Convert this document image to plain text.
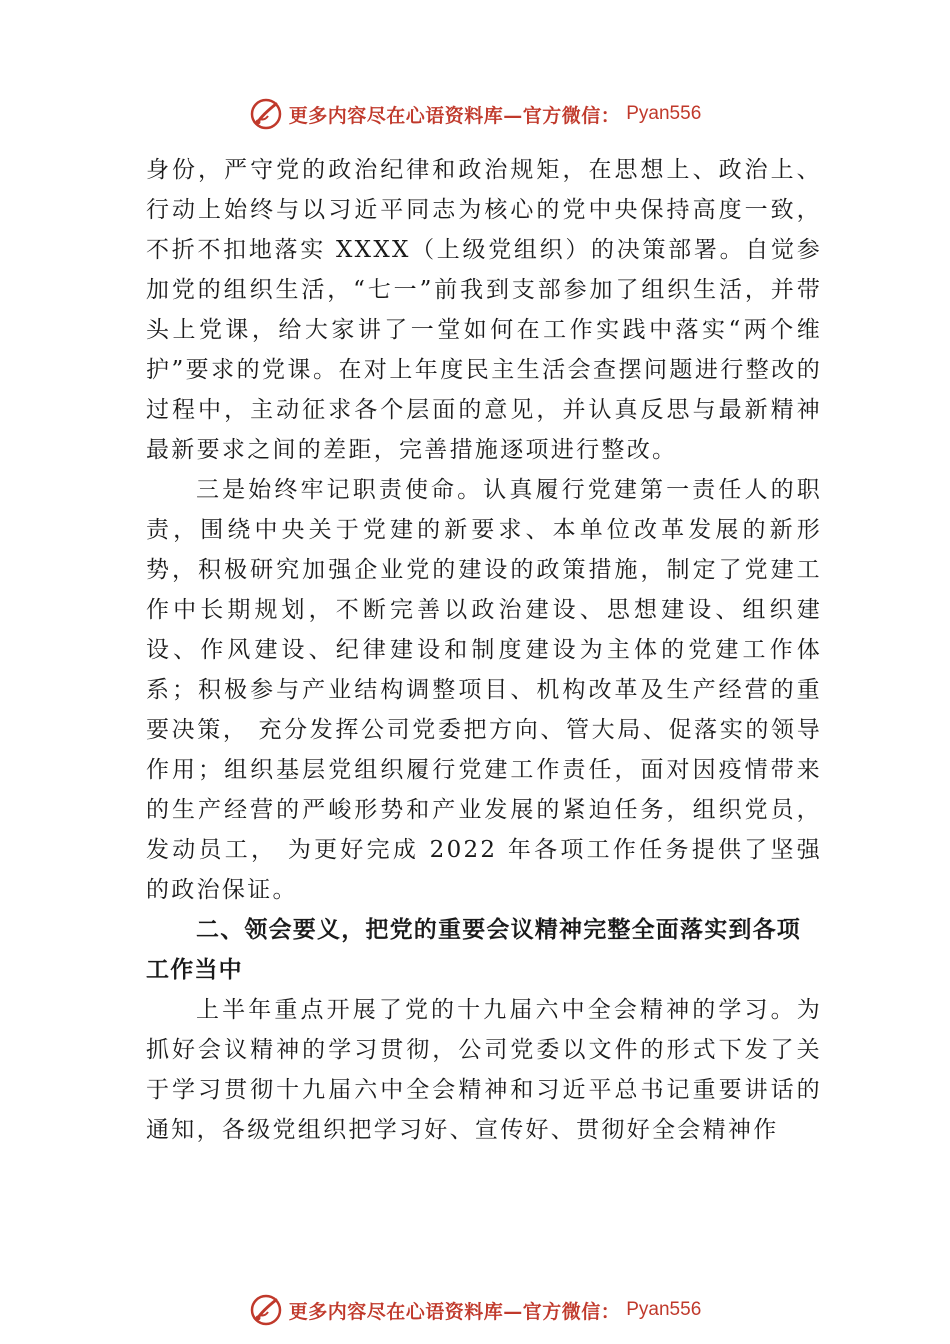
更多内容尽在心语资料库—官方微信： Pyan556

身份，严守党的政治纪律和政治规矩，在思想上、政治上、 行动上始终与以习近平同志为核心的党中央保持高度一致， 不折不扣地落实 XXXX（上级党组织）的决策部署。自觉参加党的组织生活，“七一”前我到支部参加了组织生活，并带头上党课，给大家讲了一堂如何在工作实践中落实“两个维护”要求的党课。在对上年度民主生活会查摆问题进行整改的过程中，主动征求各个层面的意见，并认真反思与最新精神最新要求之间的差距，完善措施逐项进行整改。

三是始终牢记职责使命。认真履行党建第一责任人的职责，围绕中央关于党建的新要求、本单位改革发展的新形势，积极研究加强企业党的建设的政策措施，制定了党建工作中长期规划，不断完善以政治建设、思想建设、组织建设、作风建设、纪律建设和制度建设为主体的党建工作体系；积极参与产业结构调整项目、机构改革及生产经营的重要决策， 充分发挥公司党委把方向、管大局、促落实的领导作用；组织基层党组织履行党建工作责任，面对因疫情带来的生产经营的严峻形势和产业发展的紧迫任务，组织党员，发动员工， 为更好完成 2022 年各项工作任务提供了坚强的政治保证。

二、领会要义，把党的重要会议精神完整全面落实到各项工作当中

上半年重点开展了党的十九届六中全会精神的学习。为抓好会议精神的学习贯彻，公司党委以文件的形式下发了关于学习贯彻十九届六中全会精神和习近平总书记重要讲话的通知，各级党组织把学习好、宣传好、贯彻好全会精神作

更多内容尽在心语资料库—官方微信： Pyan556
